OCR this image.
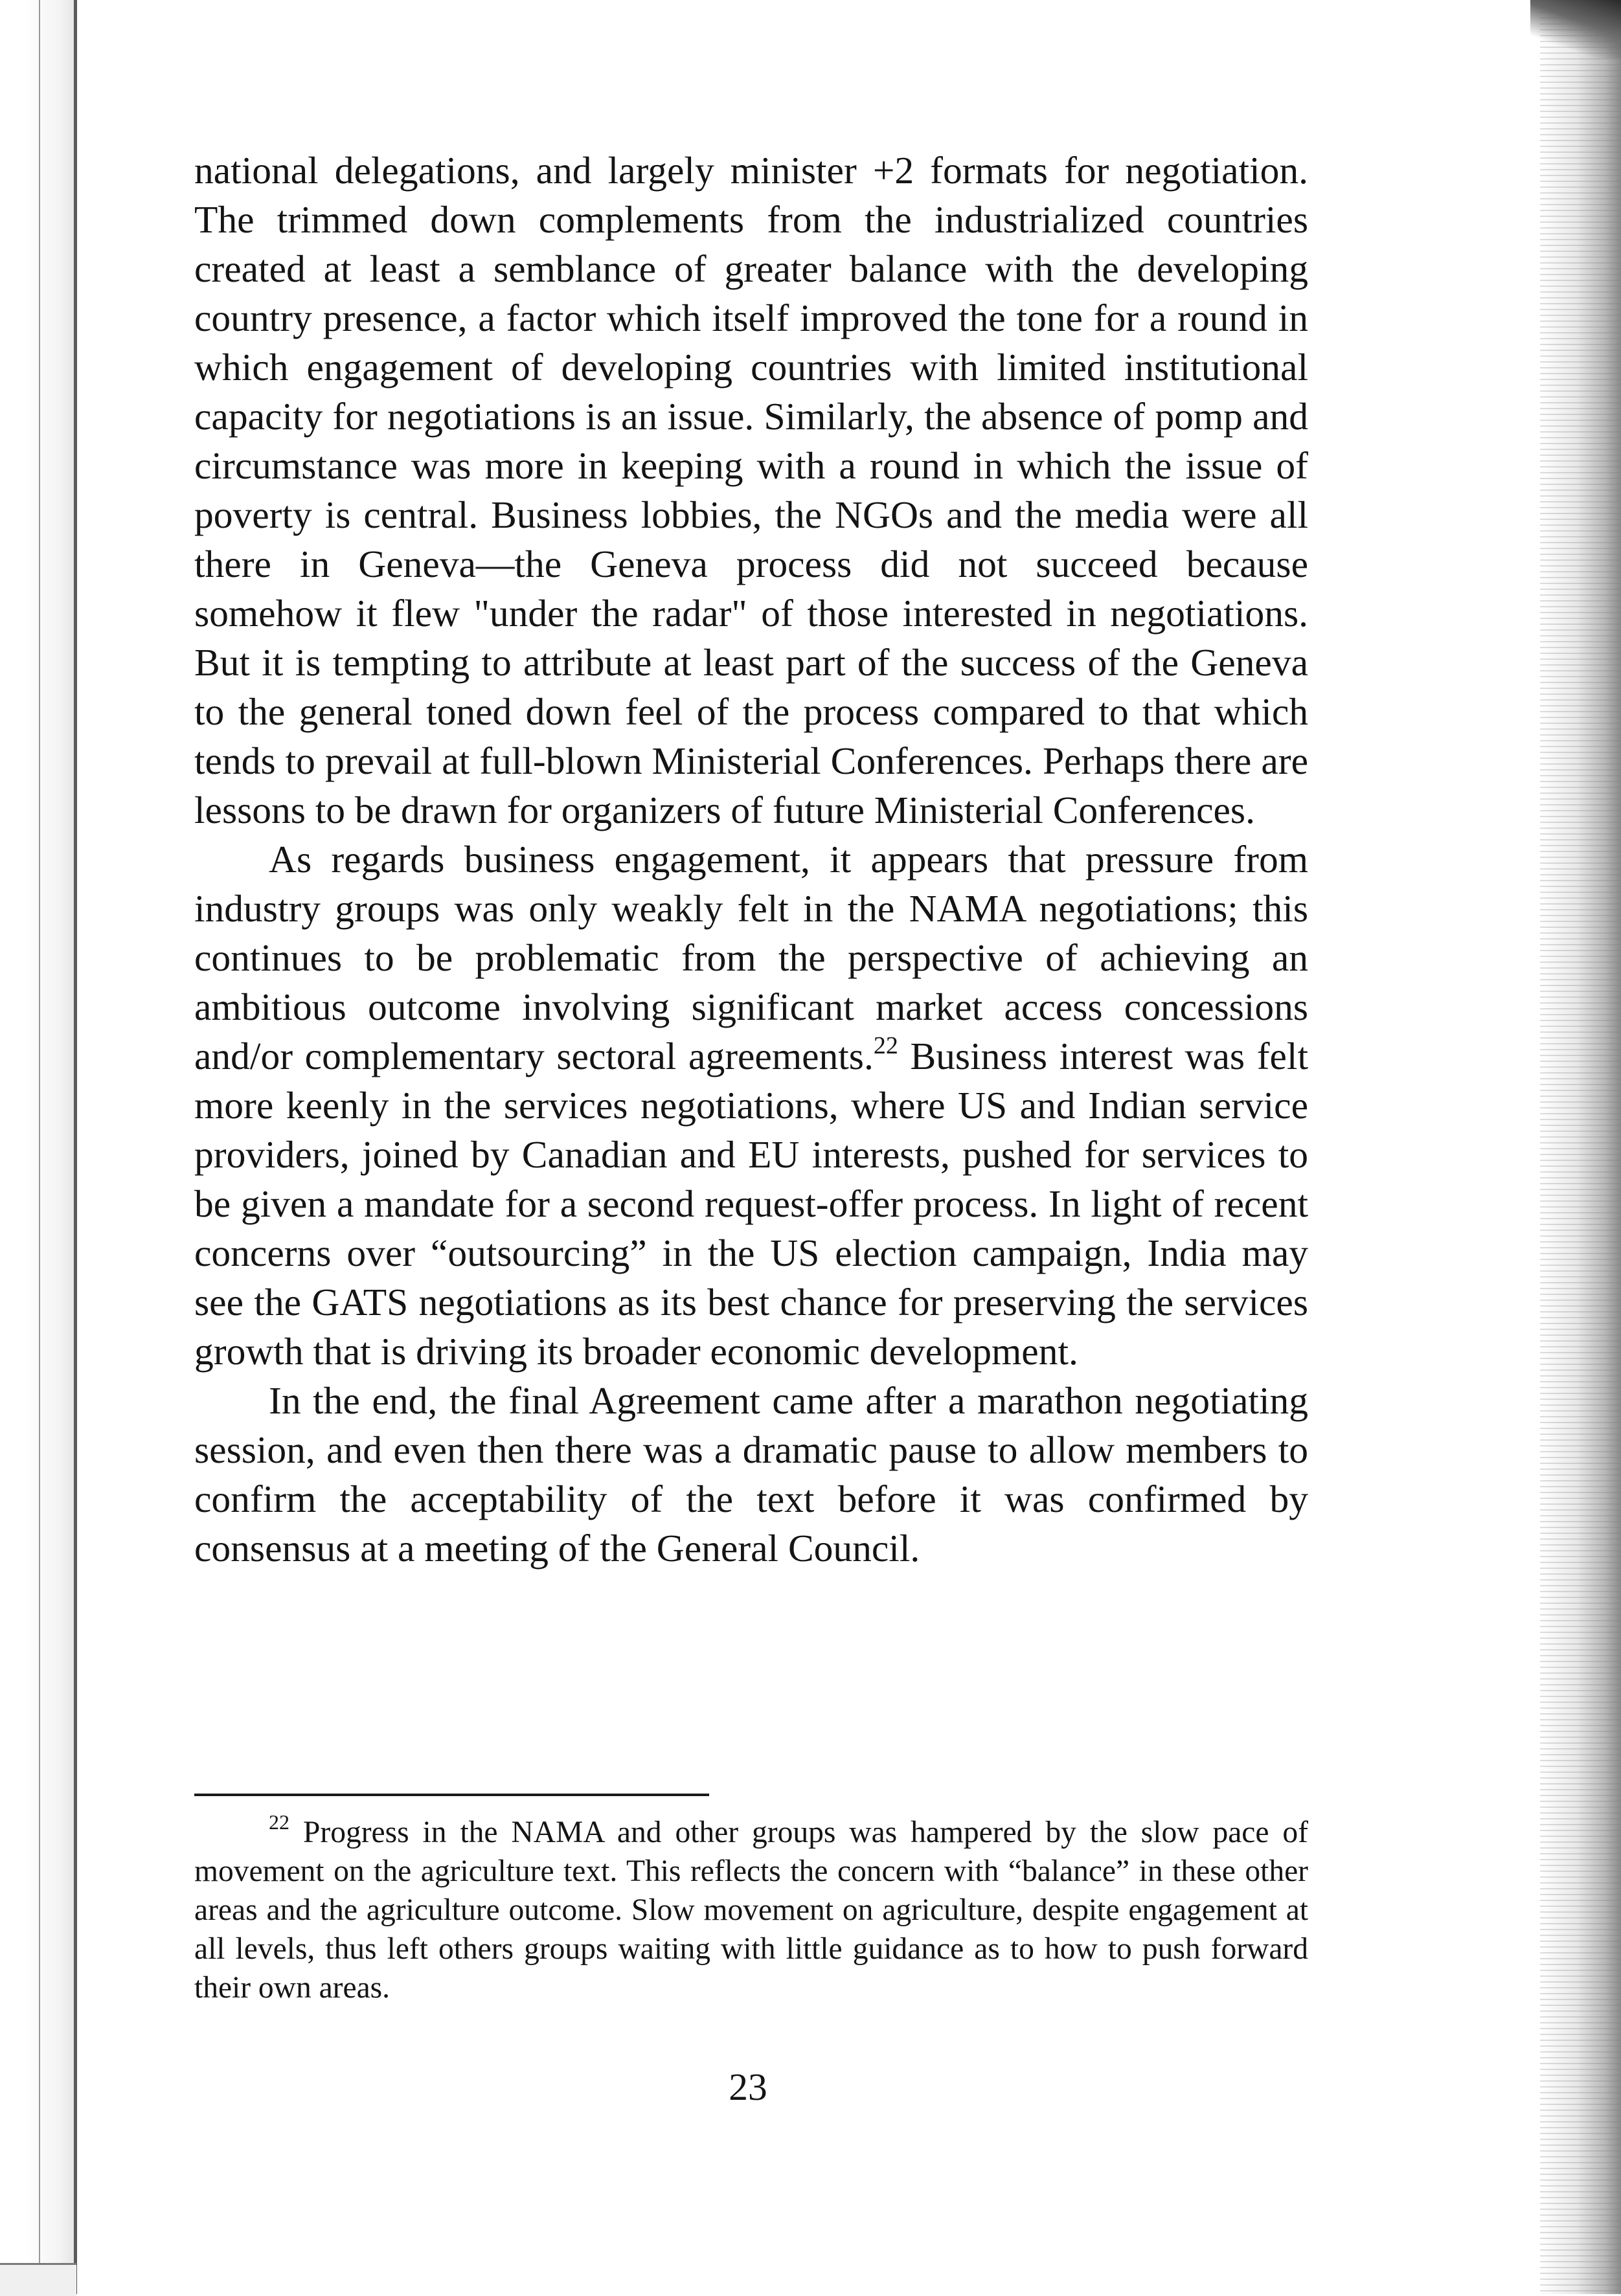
national delegations, and largely minister +2 formats for negotiation. The trimmed down complements from the industrialized countries created at least a semblance of greater balance with the developing country presence, a factor which itself improved the tone for a round in which engagement of developing countries with limited institutional capacity for negotiations is an issue. Similarly, the absence of pomp and circumstance was more in keeping with a round in which the issue of poverty is central. Business lobbies, the NGOs and the media were all there in Geneva—the Geneva process did not succeed because somehow it flew "under the radar" of those interested in negotiations. But it is tempting to attribute at least part of the success of the Geneva to the general toned down feel of the process compared to that which tends to prevail at full-blown Ministerial Conferences. Perhaps there are lessons to be drawn for organizers of future Ministerial Conferences.

As regards business engagement, it appears that pressure from industry groups was only weakly felt in the NAMA negotiations; this continues to be problematic from the perspective of achieving an ambitious outcome involving significant market access concessions and/or complementary sectoral agreements.$^{22}$ Business interest was felt more keenly in the services negotiations, where US and Indian service providers, joined by Canadian and EU interests, pushed for services to be given a mandate for a second request-offer process. In light of recent concerns over “outsourcing” in the US election campaign, India may see the GATS negotiations as its best chance for preserving the services growth that is driving its broader economic development.

In the end, the final Agreement came after a marathon negotiating session, and even then there was a dramatic pause to allow members to confirm the acceptability of the text before it was confirmed by consensus at a meeting of the General Council.

$^{22}$ Progress in the NAMA and other groups was hampered by the slow pace of movement on the agriculture text. This reflects the concern with “balance” in these other areas and the agriculture outcome. Slow movement on agriculture, despite engagement at all levels, thus left others groups waiting with little guidance as to how to push forward their own areas.

23
